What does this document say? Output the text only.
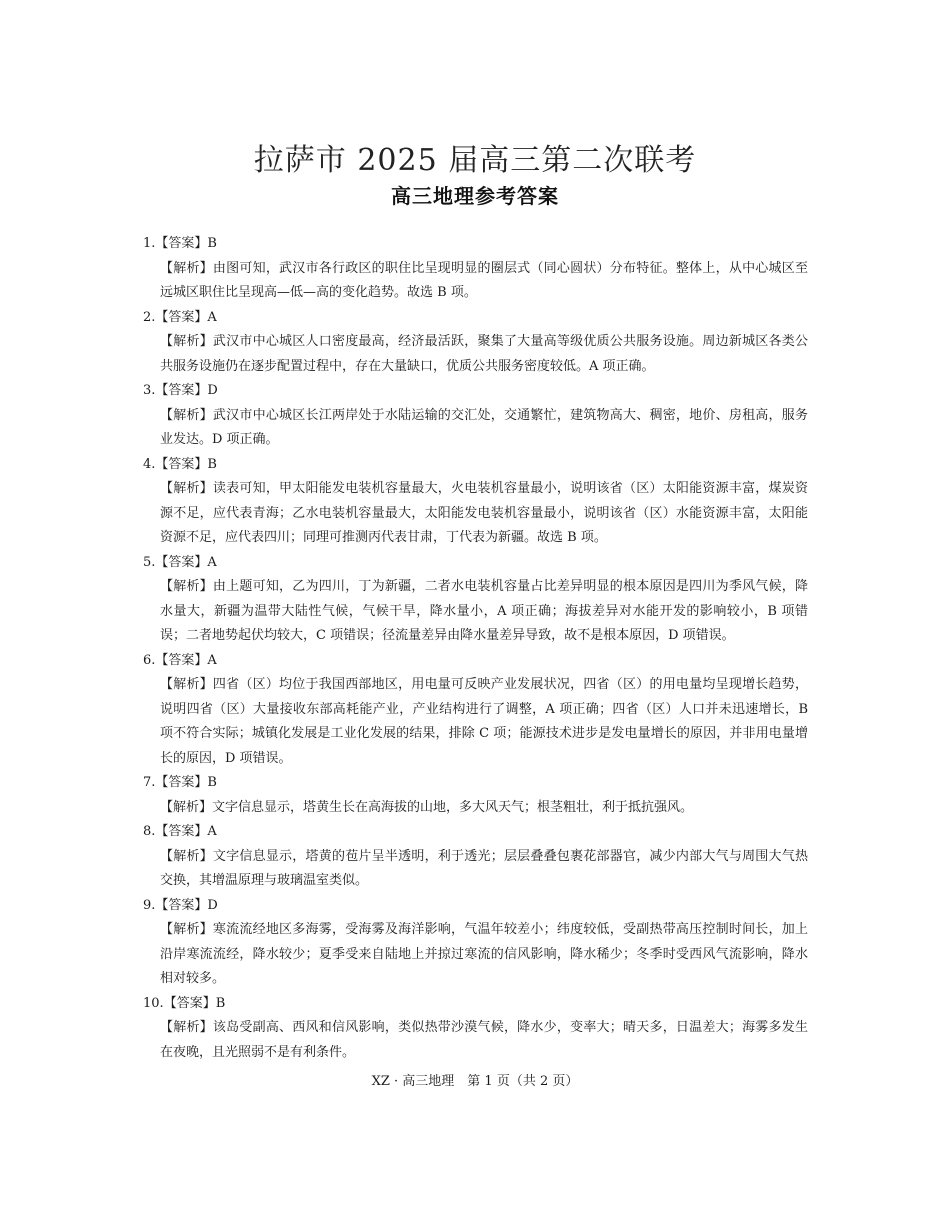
拉萨市 2025 届高三第二次联考
高三地理参考答案
1.【答案】B
【解析】由图可知，武汉市各行政区的职住比呈现明显的圈层式（同心圆状）分布特征。整体上，从中心城区至远城区职住比呈现高—低—高的变化趋势。故选 B 项。
2.【答案】A
【解析】武汉市中心城区人口密度最高，经济最活跃，聚集了大量高等级优质公共服务设施。周边新城区各类公共服务设施仍在逐步配置过程中，存在大量缺口，优质公共服务密度较低。A 项正确。
3.【答案】D
【解析】武汉市中心城区长江两岸处于水陆运输的交汇处，交通繁忙，建筑物高大、稠密，地价、房租高，服务业发达。D 项正确。
4.【答案】B
【解析】读表可知，甲太阳能发电装机容量最大，火电装机容量最小，说明该省（区）太阳能资源丰富，煤炭资源不足，应代表青海；乙水电装机容量最大，太阳能发电装机容量最小，说明该省（区）水能资源丰富，太阳能资源不足，应代表四川；同理可推测丙代表甘肃，丁代表为新疆。故选 B 项。
5.【答案】A
【解析】由上题可知，乙为四川，丁为新疆，二者水电装机容量占比差异明显的根本原因是四川为季风气候，降水量大，新疆为温带大陆性气候，气候干旱，降水量小，A 项正确；海拔差异对水能开发的影响较小，B 项错误；二者地势起伏均较大，C 项错误；径流量差异由降水量差异导致，故不是根本原因，D 项错误。
6.【答案】A
【解析】四省（区）均位于我国西部地区，用电量可反映产业发展状况，四省（区）的用电量均呈现增长趋势，说明四省（区）大量接收东部高耗能产业，产业结构进行了调整，A 项正确；四省（区）人口并未迅速增长，B 项不符合实际；城镇化发展是工业化发展的结果，排除 C 项；能源技术进步是发电量增长的原因，并非用电量增长的原因，D 项错误。
7.【答案】B
【解析】文字信息显示，塔黄生长在高海拔的山地，多大风天气；根茎粗壮，利于抵抗强风。
8.【答案】A
【解析】文字信息显示，塔黄的苞片呈半透明，利于透光；层层叠叠包裹花部器官，减少内部大气与周围大气热交换，其增温原理与玻璃温室类似。
9.【答案】D
【解析】寒流流经地区多海雾，受海雾及海洋影响，气温年较差小；纬度较低，受副热带高压控制时间长，加上沿岸寒流流经，降水较少；夏季受来自陆地上并掠过寒流的信风影响，降水稀少；冬季时受西风气流影响，降水相对较多。
10.【答案】B
【解析】该岛受副高、西风和信风影响，类似热带沙漠气候，降水少，变率大；晴天多，日温差大；海雾多发生在夜晚，且光照弱不是有利条件。
XZ · 高三地理　第 1 页（共 2 页）
